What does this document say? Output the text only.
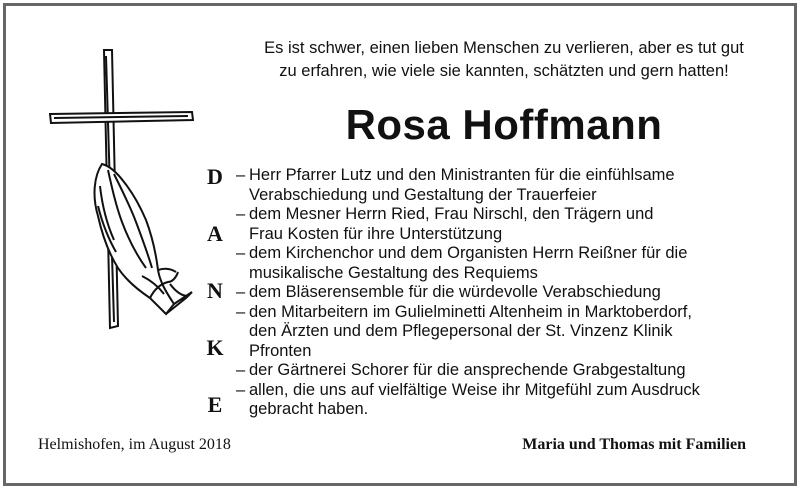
Es ist schwer, einen lieben Menschen zu verlieren, aber es tut gut
zu erfahren, wie viele sie kannten, schätzten und gern hatten!
Rosa Hoffmann
D
A
N
K
E
– Herr Pfarrer Lutz und den Ministranten für die einfühlsame
Verabschiedung und Gestaltung der Trauerfeier
– dem Mesner Herrn Ried, Frau Nirschl, den Trägern und
Frau Kosten für ihre Unterstützung
– dem Kirchenchor und dem Organisten Herrn Reißner für die
musikalische Gestaltung des Requiems
– dem Bläserensemble für die würdevolle Verabschiedung
– den Mitarbeitern im Gulielminetti Altenheim in Marktoberdorf,
den Ärzten und dem Pflegepersonal der St. Vinzenz Klinik
Pfronten
– der Gärtnerei Schorer für die ansprechende Grabgestaltung
– allen, die uns auf vielfältige Weise ihr Mitgefühl zum Ausdruck
gebracht haben.
Helmishofen, im August 2018	Maria und Thomas mit Familien
